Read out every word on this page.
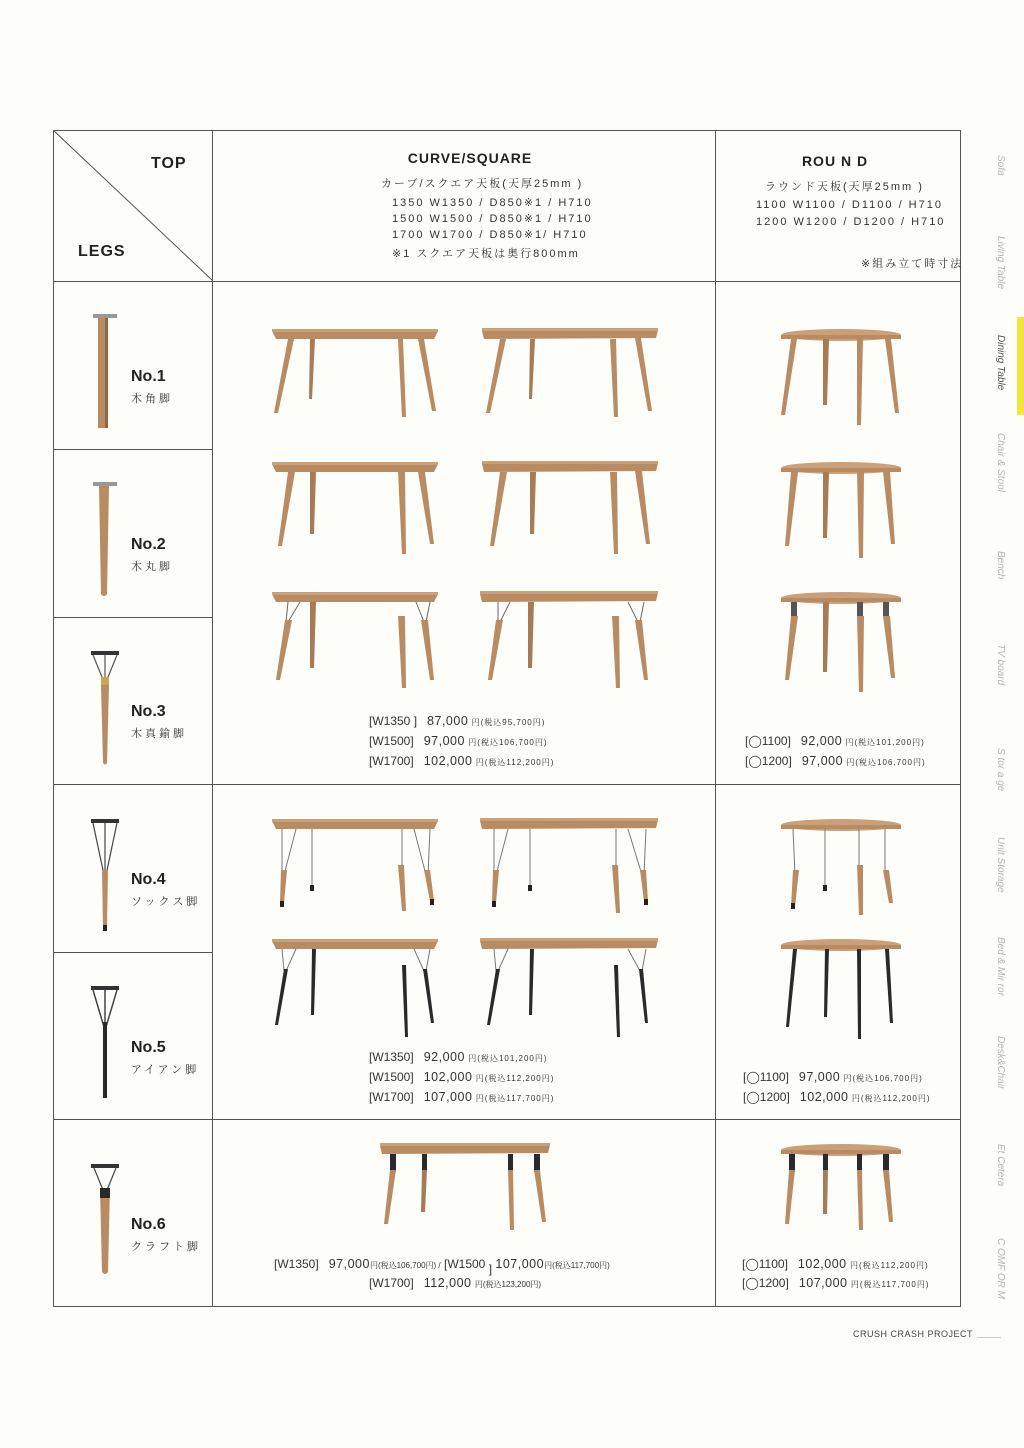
TOP
LEGS
CURVE/SQUARE
カーブ/スクエア天板(天厚25mm )
1350 W1350 / D850※1 / H710
1500 W1500 / D850※1 / H710
1700 W1700 / D850※1/ H710
※1 スクエア天板は奥行800mm
ROU N D
ラウンド天板(天厚25mm )
1100 W1100 / D1100 / H710
1200 W1200 / D1200 / H710
※組み立て時寸法
No.1
木角脚
No.2
木丸脚
No.3
木真鍮脚
No.4
ソックス脚
No.5
アイアン脚
No.6
クラフト脚
[W1350 ] 87,000 円(税込95,700円)
[W1500] 97,000 円(税込106,700円)
[W1700] 102,000 円(税込112,200円)
[◯1100] 92,000 円(税込101,200円)
[◯1200] 97,000 円(税込106,700円)
[W1350] 92,000 円(税込101,200円)
[W1500] 102,000 円(税込112,200円)
[W1700] 107,000 円(税込117,700円)
[◯1100] 97,000 円(税込106,700円)
[◯1200] 102,000 円(税込112,200円)
[W1350] 97,000円(税込106,700円) / [W1500 ] 107,000円(税込117,700円)
[W1700] 112,000 円(税込123,200円)
[◯1100] 102,000 円(税込112,200円)
[◯1200] 107,000 円(税込117,700円)
Sofa
Living Table
Dining Table
Chair & Stool
Bench
TV board
S tor a ge
Unit Storage
Bed & Mir ror
Desk&Chair
Et Cetera
C OMF OR M
CRUSH CRASH PROJECT
